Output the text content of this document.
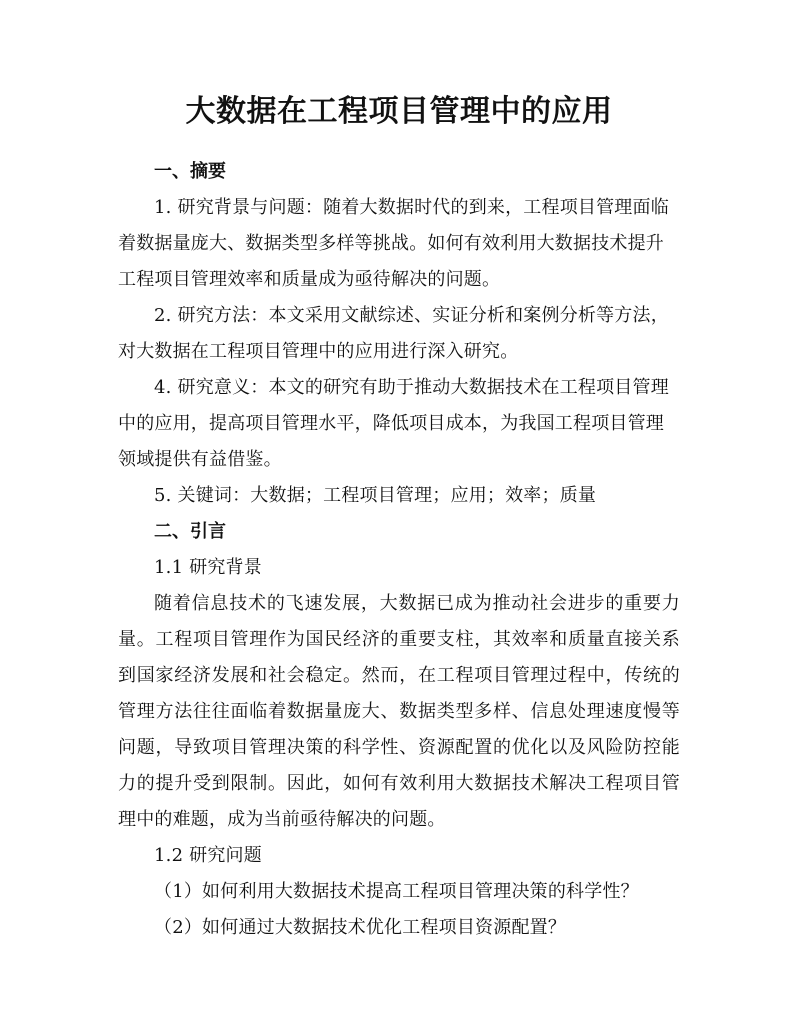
大数据在工程项目管理中的应用

一、摘要

1. 研究背景与问题：随着大数据时代的到来，工程项目管理面临着数据量庞大、数据类型多样等挑战。如何有效利用大数据技术提升工程项目管理效率和质量成为亟待解决的问题。

2. 研究方法：本文采用文献综述、实证分析和案例分析等方法，对大数据在工程项目管理中的应用进行深入研究。

4. 研究意义：本文的研究有助于推动大数据技术在工程项目管理中的应用，提高项目管理水平，降低项目成本，为我国工程项目管理领域提供有益借鉴。

5. 关键词：大数据；工程项目管理；应用；效率；质量

二、引言

1.1 研究背景

随着信息技术的飞速发展，大数据已成为推动社会进步的重要力量。工程项目管理作为国民经济的重要支柱，其效率和质量直接关系到国家经济发展和社会稳定。然而，在工程项目管理过程中，传统的管理方法往往面临着数据量庞大、数据类型多样、信息处理速度慢等问题，导致项目管理决策的科学性、资源配置的优化以及风险防控能力的提升受到限制。因此，如何有效利用大数据技术解决工程项目管理中的难题，成为当前亟待解决的问题。

1.2 研究问题

（1）如何利用大数据技术提高工程项目管理决策的科学性？

（2）如何通过大数据技术优化工程项目资源配置？
